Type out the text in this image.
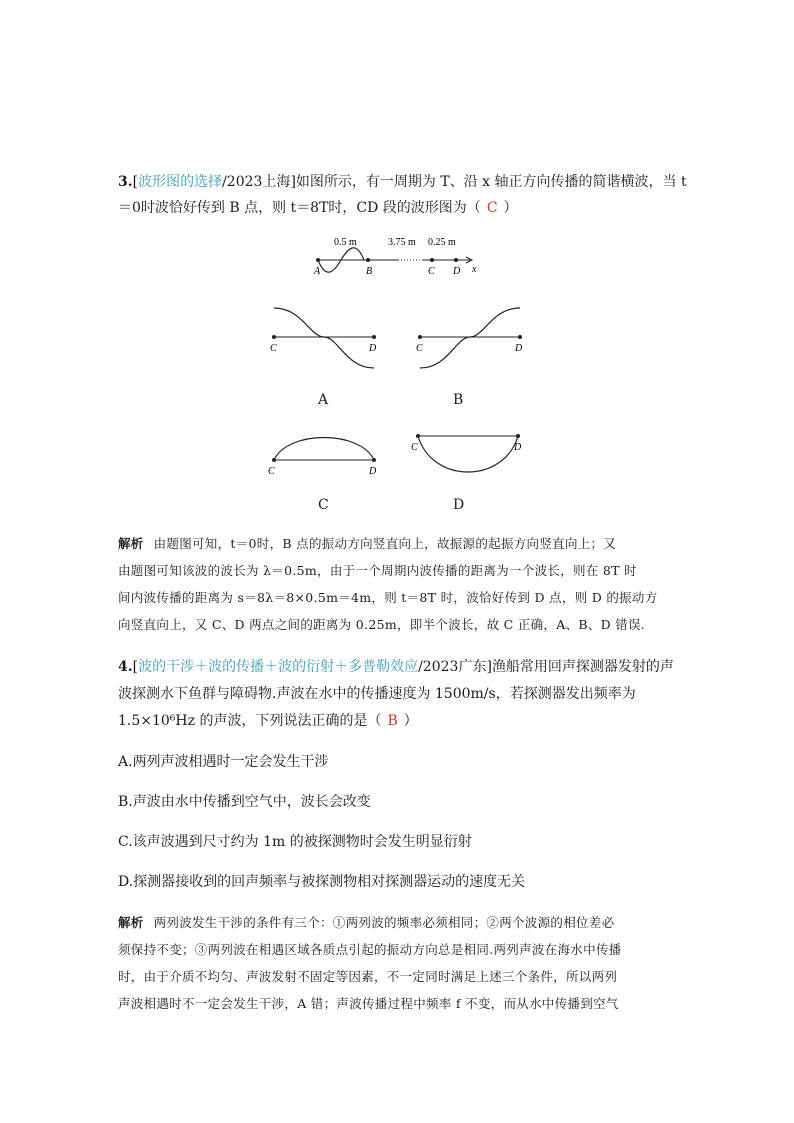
3.[波形图的选择/2023上海]如图所示，有一周期为 T、沿 x 轴正方向传播的简谐横波，当 t
＝0时波恰好传到 B 点，则 t＝8T时，CD 段的波形图为（ C ）
0.5 m	3.75 m 0.25 m
A	B	C D x
C	D
A
C	D
B
C	D
C
C	D
D
解析 由题图可知，t＝0时，B 点的振动方向竖直向上，故振源的起振方向竖直向上；又
由题图可知该波的波长为 λ＝0.5m，由于一个周期内波传播的距离为一个波长，则在 8T 时
间内波传播的距离为 s＝8λ＝8×0.5m＝4m，则 t＝8T 时，波恰好传到 D 点，则 D 的振动方
向竖直向上，又 C、D 两点之间的距离为 0.25m，即半个波长，故 C 正确，A、B、D 错误.
4.[波的干涉＋波的传播＋波的衍射＋多普勒效应/2023广东]渔船常用回声探测器发射的声
波探测水下鱼群与障碍物.声波在水中的传播速度为 1500m/s，若探测器发出频率为
1.5×10⁶Hz 的声波，下列说法正确的是（ B ）
A.两列声波相遇时一定会发生干涉
B.声波由水中传播到空气中，波长会改变
C.该声波遇到尺寸约为 1m 的被探测物时会发生明显衍射
D.探测器接收到的回声频率与被探测物相对探测器运动的速度无关
解析 两列波发生干涉的条件有三个：①两列波的频率必须相同；②两个波源的相位差必
须保持不变；③两列波在相遇区域各质点引起的振动方向总是相同.两列声波在海水中传播
时，由于介质不均匀、声波发射不固定等因素，不一定同时满足上述三个条件，所以两列
声波相遇时不一定会发生干涉，A 错；声波传播过程中频率 f 不变，而从水中传播到空气
